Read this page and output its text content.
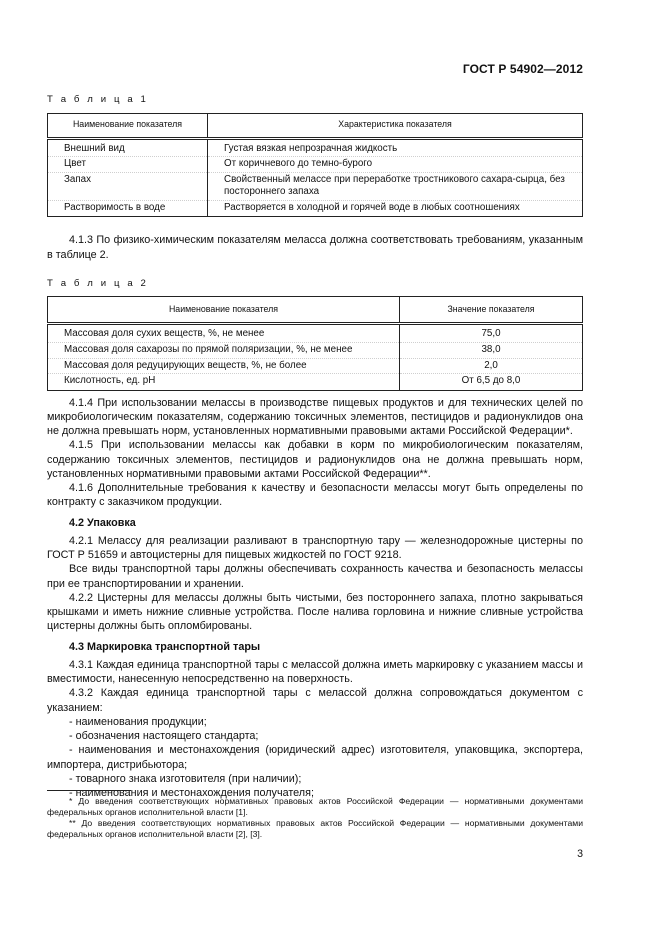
ГОСТ Р 54902—2012
Т а б л и ц а 1
Наименование показателя	Характеристика показателя
Внешний вид	Густая вязкая непрозрачная жидкость
Цвет	От коричневого до темно-бурого
Запах	Свойственный мелассе при переработке тростникового сахара-сырца, без постороннего запаха
Растворимость в воде	Растворяется в холодной и горячей воде в любых соотношениях

4.1.3 По физико-химическим показателям меласса должна соответствовать требованиям, указанным в таблице 2.

Т а б л и ц а 2
Наименование показателя	Значение показателя
Массовая доля сухих веществ, %, не менее	75,0
Массовая доля сахарозы по прямой поляризации, %, не менее	38,0
Массовая доля редуцирующих веществ, %, не более	2,0
Кислотность, ед. pH	От 6,5 до 8,0

4.1.4 При использовании мелассы в производстве пищевых продуктов и для технических целей по микробиологическим показателям, содержанию токсичных элементов, пестицидов и радионуклидов она не должна превышать норм, установленных нормативными правовыми актами Российской Федерации*.

4.1.5 При использовании мелассы как добавки в корм по микробиологическим показателям, содержанию токсичных элементов, пестицидов и радионуклидов она не должна превышать норм, установленных нормативными правовыми актами Российской Федерации**.

4.1.6 Дополнительные требования к качеству и безопасности мелассы могут быть определены по контракту с заказчиком продукции.

4.2 Упаковка

4.2.1 Мелассу для реализации разливают в транспортную тару — железнодорожные цистерны по ГОСТ Р 51659 и автоцистерны для пищевых жидкостей по ГОСТ 9218.

Все виды транспортной тары должны обеспечивать сохранность качества и безопасность мелассы при ее транспортировании и хранении.

4.2.2 Цистерны для мелассы должны быть чистыми, без постороннего запаха, плотно закрываться крышками и иметь нижние сливные устройства. После налива горловина и нижние сливные устройства цистерны должны быть опломбированы.

4.3 Маркировка транспортной тары

4.3.1 Каждая единица транспортной тары с мелассой должна иметь маркировку с указанием массы и вместимости, нанесенную непосредственно на поверхность.

4.3.2 Каждая единица транспортной тары с мелассой должна сопровождаться документом с указанием:

- наименования продукции;

- обозначения настоящего стандарта;

- наименования и местонахождения (юридический адрес) изготовителя, упаковщика, экспортера, импортера, дистрибьютора;

- товарного знака изготовителя (при наличии);

- наименования и местонахождения получателя;

* До введения соответствующих нормативных правовых актов Российской Федерации — нормативными документами федеральных органов исполнительной власти [1].
** До введения соответствующих нормативных правовых актов Российской Федерации — нормативными документами федеральных органов исполнительной власти [2], [3].
3
